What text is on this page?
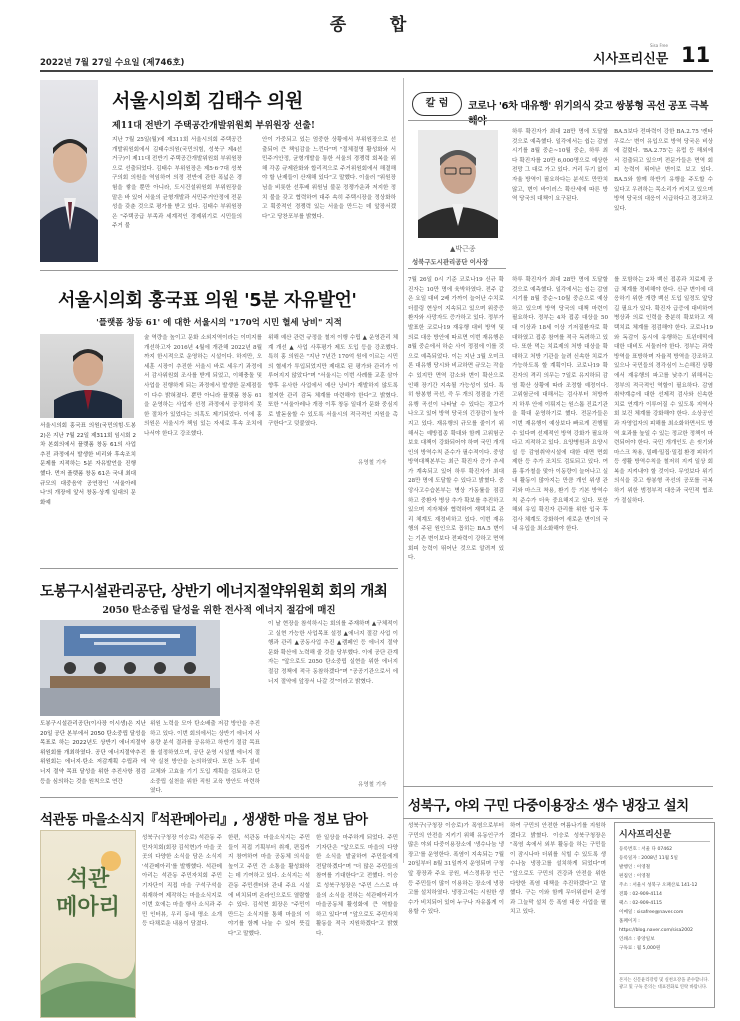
종    합
2022년 7월 27일 수요일 (제746호)	시사프리신문
Sisa Free 11
서울시의회 김태수 의원
제11대 전반기 주택공간개발위원회 부위원장 선출!
지난 7월 25일(월)에 제311회 서울시의회 주택공간개발위원회에서 김태수의원(국민의힘, 성북구 제4선거구)이 제11대 전반기 주택공간개발위원회 부위원장으로 선출되었다. 김태수 부위원장은 제5·6·7대 성북구의회 의원을 역임하여 의정 전반에 관한 폭넓은 경험을 쌓을 뿐만 아니라, 도시건설위원회 부위원장을 맡은 바 있어 서울의 균형개발과 서민주거안정에 전문성을 갖춘 것으로 평가를 받고 있다. 김태수 부위원장은 "주택공급 부족과 세계적인 경제위기로 시민들의 주거 불
안이 가중되고 있는 엄중한 상황에서 부위원장으로 선출되어 큰 책임감을 느낀다"며 "절체절명 활성화와 서민주거안정, 균형개발을 통한 서울의 경쟁력 회복을 위해 각종 규제완화와 합리적으로 주거위원회에서 해결해야 할 난제들이 산재해 있다"고 말했다. 이울러 "위원장님을 비롯한 선후배 위원님 불문 정쟁가운과 저지한 정치 불을 갖고 협력하여 대주 속히 주택시장을 정상화하고 획중적인 경쟁력 있는 서울을 만드는 데 앞장서겠다"고 당찬포부를 밝혔다.
칼 럼	코로나 '6차 대유행' 위기의식 갖고 쌍봉형 곡선 공포 극복해야
▲박근종
성북구도시관리공단 이사장
하루 확진자가 최대 28만 명에 도달할 것으로 예측했다. 일각에서는 쉽는 감염 시기를 8월 중순~10월 중순, 하루 최다 확진자를 20만 6,000명으로 예상한 전망 그 대로 가고 있다. 거리 두기 없이 자율 방역이 필요하다는 분석도 만만치 않고, 변이 바이러스 확산세에 따른 방역 당국의 대책이 요구된다.
BA.5보다 전파력이 강한 BA.2.75 '켄타우로스' 변이 유입으로 방역 당국은 비상에 걸렸다. 'BA.2.75'는 유럽 등 해외에서 검출되고 있으며 전문가들은 면역 회피 능력이 뛰어난 변이로 보고 있다. BA.5와 함께 하반기 유행을 주도할 수 있다고 우려하는 목소리가 커지고 있으며 방역 당국의 대응이 시급하다고 경고하고 있다.
7월 26일 0시 기준 코로나19 신규 확진자는 10만 명에 육박하였다. 전주 같은 요일 대비 2배 가까이 늘어난 수치로 더블링 현상이 지속되고 있으며 위중증 환자와 사망자도 증가하고 있다. 정부가 발표한 코로나19 재유행 대비 방역 및 의료 대응 방안에 따르면 이번 재유행은 8월 중순에서 하순 사이 정점에 이를 것으로 예측되었다. 이는 지난 3월 오미크론 대유행 당시와 비교하면 규모는 작을 수 있지만 면역 감소와 변이 확산으로 인해 장기간 지속될 가능성이 있다. 특히 쌍봉형 곡선, 즉 두 개의 정점을 가진 유행 곡선이 나타날 수 있다는 경고가 나오고 있어 방역 당국의 긴장감이 높아지고 있다. 재유행의 규모를 줄이기 위해서는 예방접종 확대와 함께 고위험군 보호 대책이 강화되어야 하며 국민 개개인의 방역수칙 준수가 필수적이다. 중앙방역대책본부는 최근 확진자 증가 추세가 계속되고 있어 하루 확진자가 최대 28만 명에 도달할 수 있다고 밝혔다. 중앙사고수습본부는 병상 가동률을 점검하고 중환자 병상 추가 확보를 추진하고 있으며 지자체와 협력하여 재택치료 관리 체계도 재정비하고 있다. 이번 재유행의 주된 원인으로 꼽히는 BA.5 변이는 기존 변이보다 전파력이 강하고 면역 회피 능력이 뛰어난 것으로 알려져 있다.
하루 확진자가 최대 28만 명에 도달할 것으로 예측했다. 일각에서는 쉽는 감염 시기를 8월 중순~10월 중순으로 예상하고 있으며 방역 당국의 대책 마련이 필요하다. 정부는 4차 접종 대상을 50대 이상과 18세 이상 기저질환자로 확대하였고 접종 참여를 적극 독려하고 있다. 또한 먹는 치료제의 처방 대상을 확대하고 처방 기관을 늘려 신속한 치료가 가능하도록 할 계획이다. 코로나19 확진자의 격리 의무는 7일로 유지하되 감염 확산 상황에 따라 조정할 예정이다. 고위험군에 대해서는 검사부터 처방까지 하루 안에 이뤄지는 원스톱 진료기관을 확대 운영하기로 했다. 전문가들은 이번 재유행이 예상보다 빠르게 진행될 수 있다며 선제적인 방역 강화가 필요하다고 지적하고 있다. 요양병원과 요양시설 등 감염취약시설에 대한 대면 면회 제한 등 추가 조치도 검토되고 있다. 여름 휴가철을 맞아 이동량이 늘어나고 실내 활동이 많아지는 만큼 개인 위생 관리와 마스크 착용, 환기 등 기본 방역수칙 준수가 더욱 중요해지고 있다. 또한 해외 유입 확진자 관리를 위한 입국 후 검사 체계도 강화하여 새로운 변이의 국내 유입을 최소화해야 한다.
를 포함하는 2차 백신 접종과 치료제 공급 체계를 정비해야 한다. 신규 변이에 대응하기 위한 개량 백신 도입 일정도 앞당길 필요가 있다. 확진자 급증에 대비하여 병상과 의료 인력을 충분히 확보하고 재택치료 체계를 점검해야 한다. 코로나19와 독감이 동시에 유행하는 트윈데믹에 대한 대비도 서둘러야 한다. 정부는 과학 방역을 표방하며 자율적 방역을 강조하고 있으나 국민들의 경각심이 느슨해진 상황에서 재유행의 파고를 낮추기 위해서는 정부의 적극적인 역할이 필요하다. 감염 취약계층에 대한 선제적 검사와 신속한 치료 연계가 이루어질 수 있도록 지역사회 보건 체계를 강화해야 한다. 소상공인과 자영업자의 피해를 최소화하면서도 방역 효과를 높일 수 있는 정교한 정책이 마련되어야 한다. 국민 개개인도 손 씻기와 마스크 착용, 밀폐·밀집·밀접 환경 피하기 등 생활 방역수칙을 철저히 지켜 일상 회복을 지켜내야 할 것이다. 무엇보다 위기의식을 갖고 쌍봉형 곡선의 공포를 극복하기 위한 범정부적 대응과 국민적 협조가 절실하다.
서울시의회 홍국표 의원 '5분 자유발언'
'플랫폼 창동 61' 에 대한 서울시의 "170억 시민 혈세 낭비" 지적
서울시의회 홍국표 의원(국민의힘·도봉2)은 지난 7월 22일 제311회 임시회 2차 본회의에서 플랫폼 창동 61의 사업 추진 과정에서 발생한 비리와 후속조치 문제를 지적하는 5분 자유발언을 진행했다. 먼저 플랫폼 창동 61은 국내 최대 규모의 대중음악 공연장인 '서울아레나'의 개장에 앞서 창동·상계 일대의 문화예
술 역량을 높이고 문화 소외지역이라는 이미지를 개선하고자 2016년 4월에 개관해 2022년 8월까지 한시적으로 운영하는 시설이다. 하지만, 오세훈 시장이 추진한 서울시 바로 세우기 과정에서 감사위원회 조사를 받게 되었고, 이해충돌 및 사업을 진행하게 되는 과정에서 발생한 문제점들이 다수 밝혀졌다. 뿐만 아니라 플랫폼 창동 61을 운영하는 사업자 선정 과정에서 공정하지 못한 절차가 있었다는 의혹도 제기되었다. 이에 홍 의원은 서울시가 책임 있는 자세로 후속 조치에 나서야 한다고 강조했다.
위해 예산 관련 규정을 철저 이행 수립 ▲ 운영관리 체계 개선 ▲ 사업 사후평가 제도 도입 등을 강조했다. 특히 홍 의원은 "지난 7년간 170억 원에 이르는 시민의 혈세가 투입되었지만 제대로 된 평가와 관리가 이루어지지 않았다"며 "서울시는 이번 사례를 교훈 삼아 향후 유사한 사업에서 예산 낭비가 재발하지 않도록 철저한 관리 감독 체계를 마련해야 한다"고 밝혔다. 또한 "서울아레나 개장 이후 창동 일대가 문화 중심지로 발돋움할 수 있도록 서울시의 적극적인 지원을 촉구한다"고 덧붙였다.
유영철 기자
도봉구시설관리공단, 상반기 에너지절약위원회 회의 개최
2050 탄소중립 달성을 위한 전사적 에너지 절감에 매진
도봉구시설관리공단(이사장 이시생)은 지난 20일 공단 본부에서 2050 탄소중립 달성을 목표로 하는 2022년도 상반기 에너지절약위원회를 개최하였다. 공단 에너지절약추진위원회는 에너지·탄소 저감계획 수립과 에너지 절약 목표 달성을 위한 추진사항 점검 등을 심의하는 것을 원칙으로 연간
위원 노력을 모아 탄소배출 저감 방안을 추진하고 있다. 이번 회의에서는 상반기 에너지 사용량 분석 결과를 공유하고 하반기 절감 목표를 설정하였으며, 공단 운영 시설별 에너지 절약 실천 방안을 논의하였다. 또한 노후 설비 교체와 고효율 기기 도입 계획을 검토하고 탄소중립 실천을 위한 직원 교육 방안도 마련하였다.
이 날 현장을 참석하시는 회의를 주재하며 ▲구체적이고 실현 가능한 사업목표 설정 ▲에너지 절감 사업 이행과 관리 ▲공동사업 추진 ▲캠페인 등 에너지 절약 문화 확산에 노력해 줄 것을 당부했다. 이에 공단 관계자는 "앞으로도 2050 탄소중립 실현을 위한 에너지 절감 정책에 적극 동참하겠다"며 "공공기관으로서 에너지 절약에 앞장서 나갈 것"이라고 밝혔다.
유영철 기자
성북구, 야외 구민 다중이용장소 생수 냉장고 설치
성북구(구청장 이승로)가 폭염으로부터 구민의 안전을 지키기 위해 유동인구가 많은 야외 다중이용장소에 '생수나눔 냉장고'를 운영한다. 폭염이 지속되는 7월 20일부터 8월 31일까지 운영되며 구청 앞 광장과 주요 공원, 버스정류장 인근 등 주민들이 많이 이용하는 장소에 냉장고를 설치하였다. 냉장고에는 시원한 생수가 비치되어 있어 누구나 자유롭게 이용할 수 있다.
하여 구민의 안전한 여름나기를 지원하겠다고 밝혔다. 이승로 성북구청장은 "폭염 속에서 외부 활동을 하는 구민들이 잠시나마 더위를 식힐 수 있도록 생수나눔 냉장고를 설치하게 되었다"며 "앞으로도 구민의 건강과 안전을 위한 다양한 폭염 대책을 추진하겠다"고 말했다. 구는 이와 함께 무더위쉼터 운영과 그늘막 설치 등 폭염 대응 사업을 펼치고 있다.
시사프리신문
등록번호 : 서울 다 07462
등록일자 : 2008년 11월 5일
발행인 : 이영철
편집인 : 이영철
주소 : 서울시 성북구 오패산로 141-12
전화 : 02-909-4114
팩스 : 02-909-4115
이메일 : sisafree@naver.com
홈페이지 : https://blog.naver.com/sisa2002
인쇄소 : 중앙일보
구독료 : 월 5,000원
본지는 신문윤리강령 및 실천요강을 준수합니다. 광고 및 구독 문의는 대표전화로 연락 바랍니다.
석관동 마을소식지『석관메아리』, 생생한 마을 정보 담아
석관
메아리
성북구(구청장 이승로) 석관동 주민자치회(회장 김석현)가 마을 곳곳의 다양한 소식을 담은 소식지 '석관메아리'를 발행했다. 석관메아리는 석관동 주민자치회 주민기자단이 직접 마을 구석구석을 취재하여 제작하는 마을소식지로 이번 호에는 마을 행사 소식과 주민 인터뷰, 우리 동네 명소 소개 등 다채로운 내용이 담겼다.
한편, 석관동 마을소식지는 주민들이 직접 기획부터 취재, 편집까지 참여하여 마을 공동체 의식을 높이고 주민 간 소통을 활성화하는 데 기여하고 있다. 소식지는 석관동 주민센터와 관내 주요 시설에 비치되며 온라인으로도 열람할 수 있다. 김석현 회장은 "주민이 만드는 소식지를 통해 마을의 이야기를 함께 나눌 수 있어 뜻깊다"고 말했다.
한 일상을 마주하게 되었다. 주민기자단은 "앞으로도 마을의 다양한 소식을 발굴하여 주민들에게 전달하겠다"며 "더 많은 주민들의 참여를 기대한다"고 전했다. 이승로 성북구청장은 "주민 스스로 마을의 소식을 전하는 석관메아리가 마을공동체 활성화에 큰 역할을 하고 있다"며 "앞으로도 주민자치 활동을 적극 지원하겠다"고 밝혔다.
